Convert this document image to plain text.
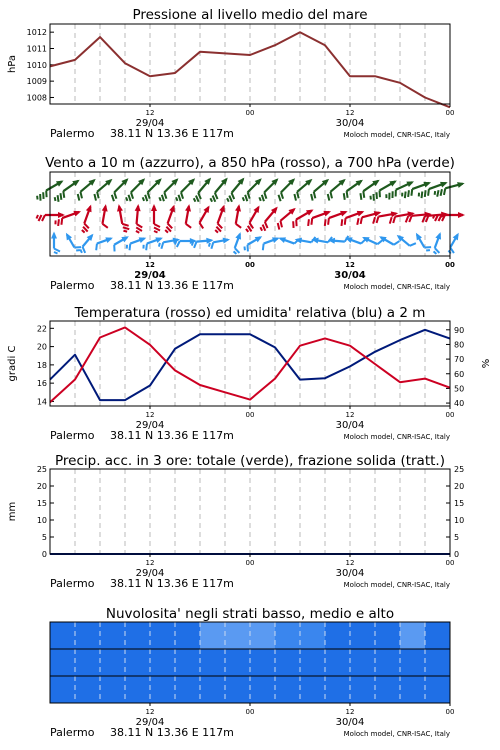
Pressione al livello medio del mare
1008
1009
1010
1011
1012
hPa
12	00	12	00
29/04	30/04
Palermo 38.11 N 13.36 E 117m	Moloch model, CNR-ISAC, Italy
Vento a 10 m (azzurro), a 850 hPa (rosso), a 700 hPa (verde)
12	00	12	00
29/04	30/04
Palermo 38.11 N 13.36 E 117m	Moloch model, CNR-ISAC, Italy
Temperatura (rosso) ed umidita' relativa (blu) a 2 m
14
16
18
20
22
40
50
60
70
80
90
gradi C	%
12	00	12	00
29/04	30/04
Palermo 38.11 N 13.36 E 117m	Moloch model, CNR-ISAC, Italy
Precip. acc. in 3 ore: totale (verde), frazione solida (tratt.)
0
5
10
15
20
25
0
5
10
15
20
25
mm
12	00	12	00
29/04	30/04
Palermo 38.11 N 13.36 E 117m	Moloch model, CNR-ISAC, Italy
Nuvolosita' negli strati basso, medio e alto
12	00	12	00
29/04	30/04
Palermo 38.11 N 13.36 E 117m	Moloch model, CNR-ISAC, Italy
